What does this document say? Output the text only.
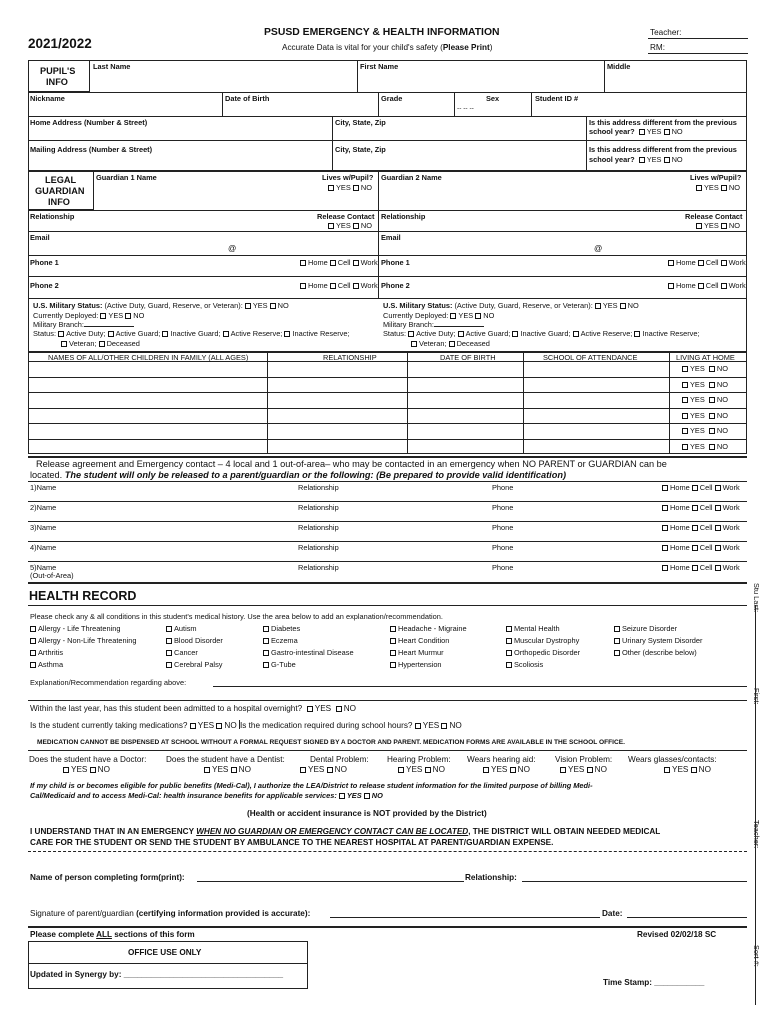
2021/2022
PSUSD EMERGENCY & HEALTH INFORMATION
Accurate Data is vital for your child's safety (Please Print)
Teacher:
RM:
PUPIL'S
INFO
Last Name	First Name	Middle
Nickname	Date of Birth	Grade	Sex
-- -- --
Student ID #
Home Address (Number & Street)	City, State, Zip	Is this address different from the previous
school year? YES NO
Mailing Address (Number & Street)	City, State, Zip	Is this address different from the previous
school year? YES NO
LEGAL
GUARDIAN
INFO
Guardian 1 Name	Lives w/Pupil?
YES NO
Guardian 2 Name	Lives w/Pupil?
YES NO
Relationship	Release Contact
YES NO
Relationship	Release Contact
YES NO
Email
@
Email
@
Phone 1	Home Cell Work Phone 1	Home Cell Work
Phone 2	Home Cell Work Phone 2	Home Cell Work
U.S. Military Status: (Active Duty, Guard, Reserve, or Veteran): YES NO
Currently Deployed: YES NO
Military Branch:
Status: Active Duty; Active Guard; Inactive Guard; Active Reserve; Inactive Reserve;
Veteran; Deceased
U.S. Military Status: (Active Duty, Guard, Reserve, or Veteran): YES NO
Currently Deployed: YES NO
Military Branch:
Status: Active Duty; Active Guard; Inactive Guard; Active Reserve; Inactive Reserve;
Veteran; Deceased
NAMES OF ALL/OTHER CHILDREN IN FAMILY (ALL AGES)	RELATIONSHIP	DATE OF BIRTH	SCHOOL OF ATTENDANCE	LIVING AT HOME
YES NO
YES NO
YES NO
YES NO
YES NO
YES NO
Release agreement and Emergency contact – 4 local and 1 out-of-area– who may be contacted in an emergency when NO PARENT or GUARDIAN can be
located. The student will only be released to a parent/guardian or the following: (Be prepared to provide valid identification)
1)Name	Relationship	Phone	Home Cell Work
2)Name	Relationship	Phone	Home Cell Work
3)Name	Relationship	Phone	Home Cell Work
4)Name	Relationship	Phone	Home Cell Work
5)Name	Relationship	Phone	Home Cell Work
(Out-of-Area)
HEALTH RECORD
Please check any & all conditions in this student's medical history. Use the area below to add an explanation/recommendation.
Allergy - Life Threatening
Allergy - Non-Life Threatening
Arthritis
Asthma
Autism
Blood Disorder
Cancer
Cerebral Palsy
Diabetes
Eczema
Gastro-intestinal Disease
G-Tube
Headache - Migraine
Heart Condition
Heart Murmur
Hypertension
Mental Health
Muscular Dystrophy
Orthopedic Disorder
Scoliosis
Seizure Disorder
Urinary System Disorder
Other (describe below)
Explanation/Recommendation regarding above:
Within the last year, has this student been admitted to a hospital overnight? YES NO
Is the student currently taking medications? YES NO Is the medication required during school hours? YES NO
MEDICATION CANNOT BE DISPENSED AT SCHOOL WITHOUT A FORMAL REQUEST SIGNED BY A DOCTOR AND PARENT. MEDICATION FORMS ARE AVAILABLE IN THE SCHOOL OFFICE.
Does the student have a Doctor:
YES NO
Does the student have a Dentist:
YES NO
Dental Problem:
YES NO
Hearing Problem:
YES NO
Wears hearing aid:
YES NO
Vision Problem:
YES NO
Wears glasses/contacts:
YES NO
If my child is or becomes eligible for public benefits (Medi-Cal), I authorize the LEA/District to release student information for the limited purpose of billing Medi-
Cal/Medicaid and to access Medi-Cal: health insurance benefits for applicable services: YES NO
(Health or accident insurance is NOT provided by the District)
I UNDERSTAND THAT IN AN EMERGENCY WHEN NO GUARDIAN OR EMERGENCY CONTACT CAN BE LOCATED, THE DISTRICT WILL OBTAIN NEEDED MEDICAL
CARE FOR THE STUDENT OR SEND THE STUDENT BY AMBULANCE TO THE NEAREST HOSPITAL AT PARENT/GUARDIAN EXPENSE.
Name of person completing form(print):	Relationship:
Signature of parent/guardian (certifying information provided is accurate):	Date:
Please complete ALL sections of this form	Revised 02/02/18 SC
OFFICE USE ONLY
Updated in Synergy by: ___________________________________
Time Stamp: ___________
Stu Last:
First:
Teacher:
Sort #:
